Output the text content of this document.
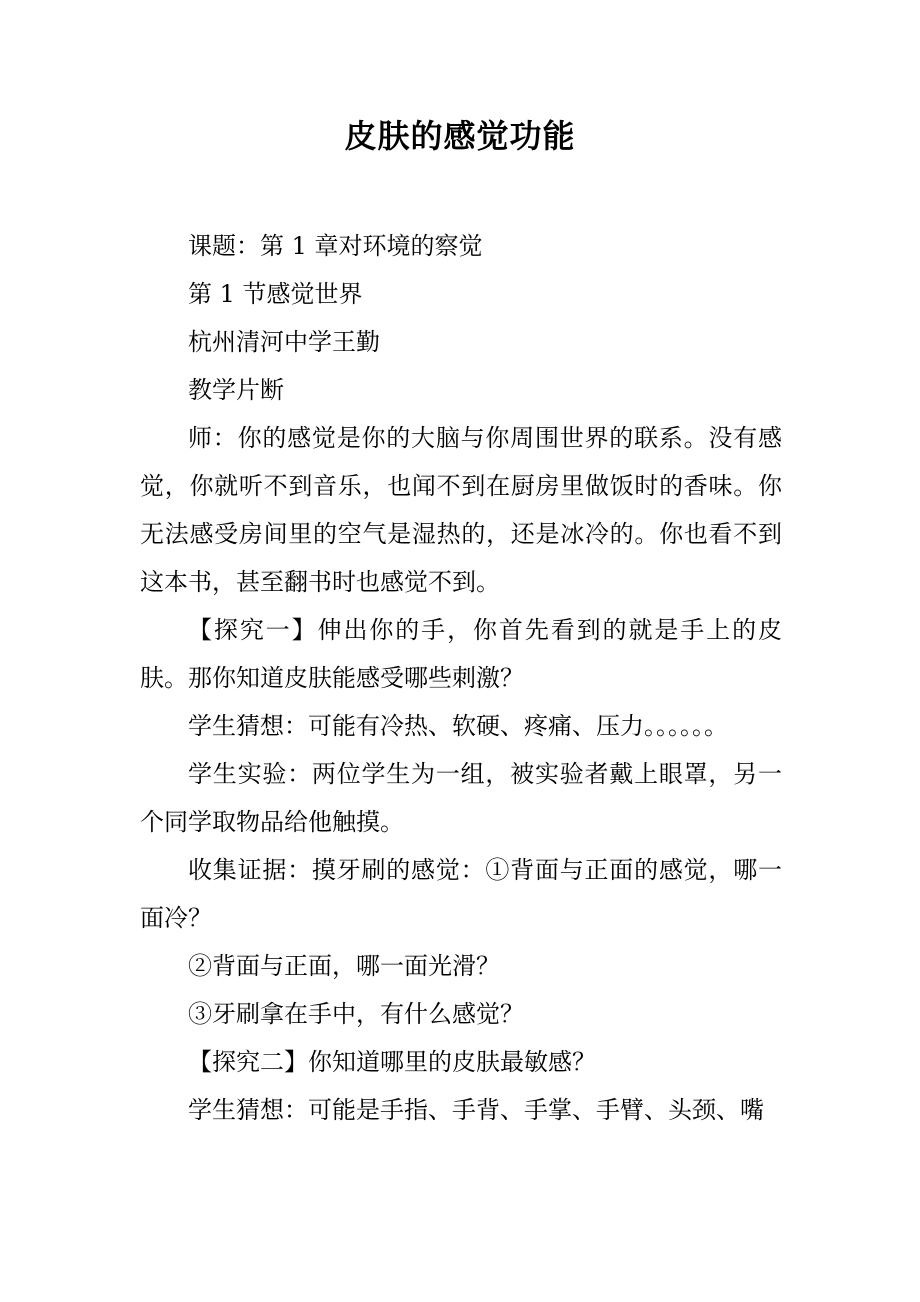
皮肤的感觉功能

课题：第 1 章对环境的察觉

第 1 节感觉世界

杭州清河中学王勤

教学片断

师：你的感觉是你的大脑与你周围世界的联系。没有感觉，你就听不到音乐，也闻不到在厨房里做饭时的香味。你无法感受房间里的空气是湿热的，还是冰冷的。你也看不到这本书，甚至翻书时也感觉不到。

【探究一】伸出你的手，你首先看到的就是手上的皮肤。那你知道皮肤能感受哪些刺激？

学生猜想：可能有冷热、软硬、疼痛、压力。。。。。。

学生实验：两位学生为一组，被实验者戴上眼罩，另一个同学取物品给他触摸。

收集证据：摸牙刷的感觉：①背面与正面的感觉，哪一面冷？

②背面与正面，哪一面光滑？

③牙刷拿在手中，有什么感觉？

【探究二】你知道哪里的皮肤最敏感？

学生猜想：可能是手指、手背、手掌、手臂、头颈、嘴
